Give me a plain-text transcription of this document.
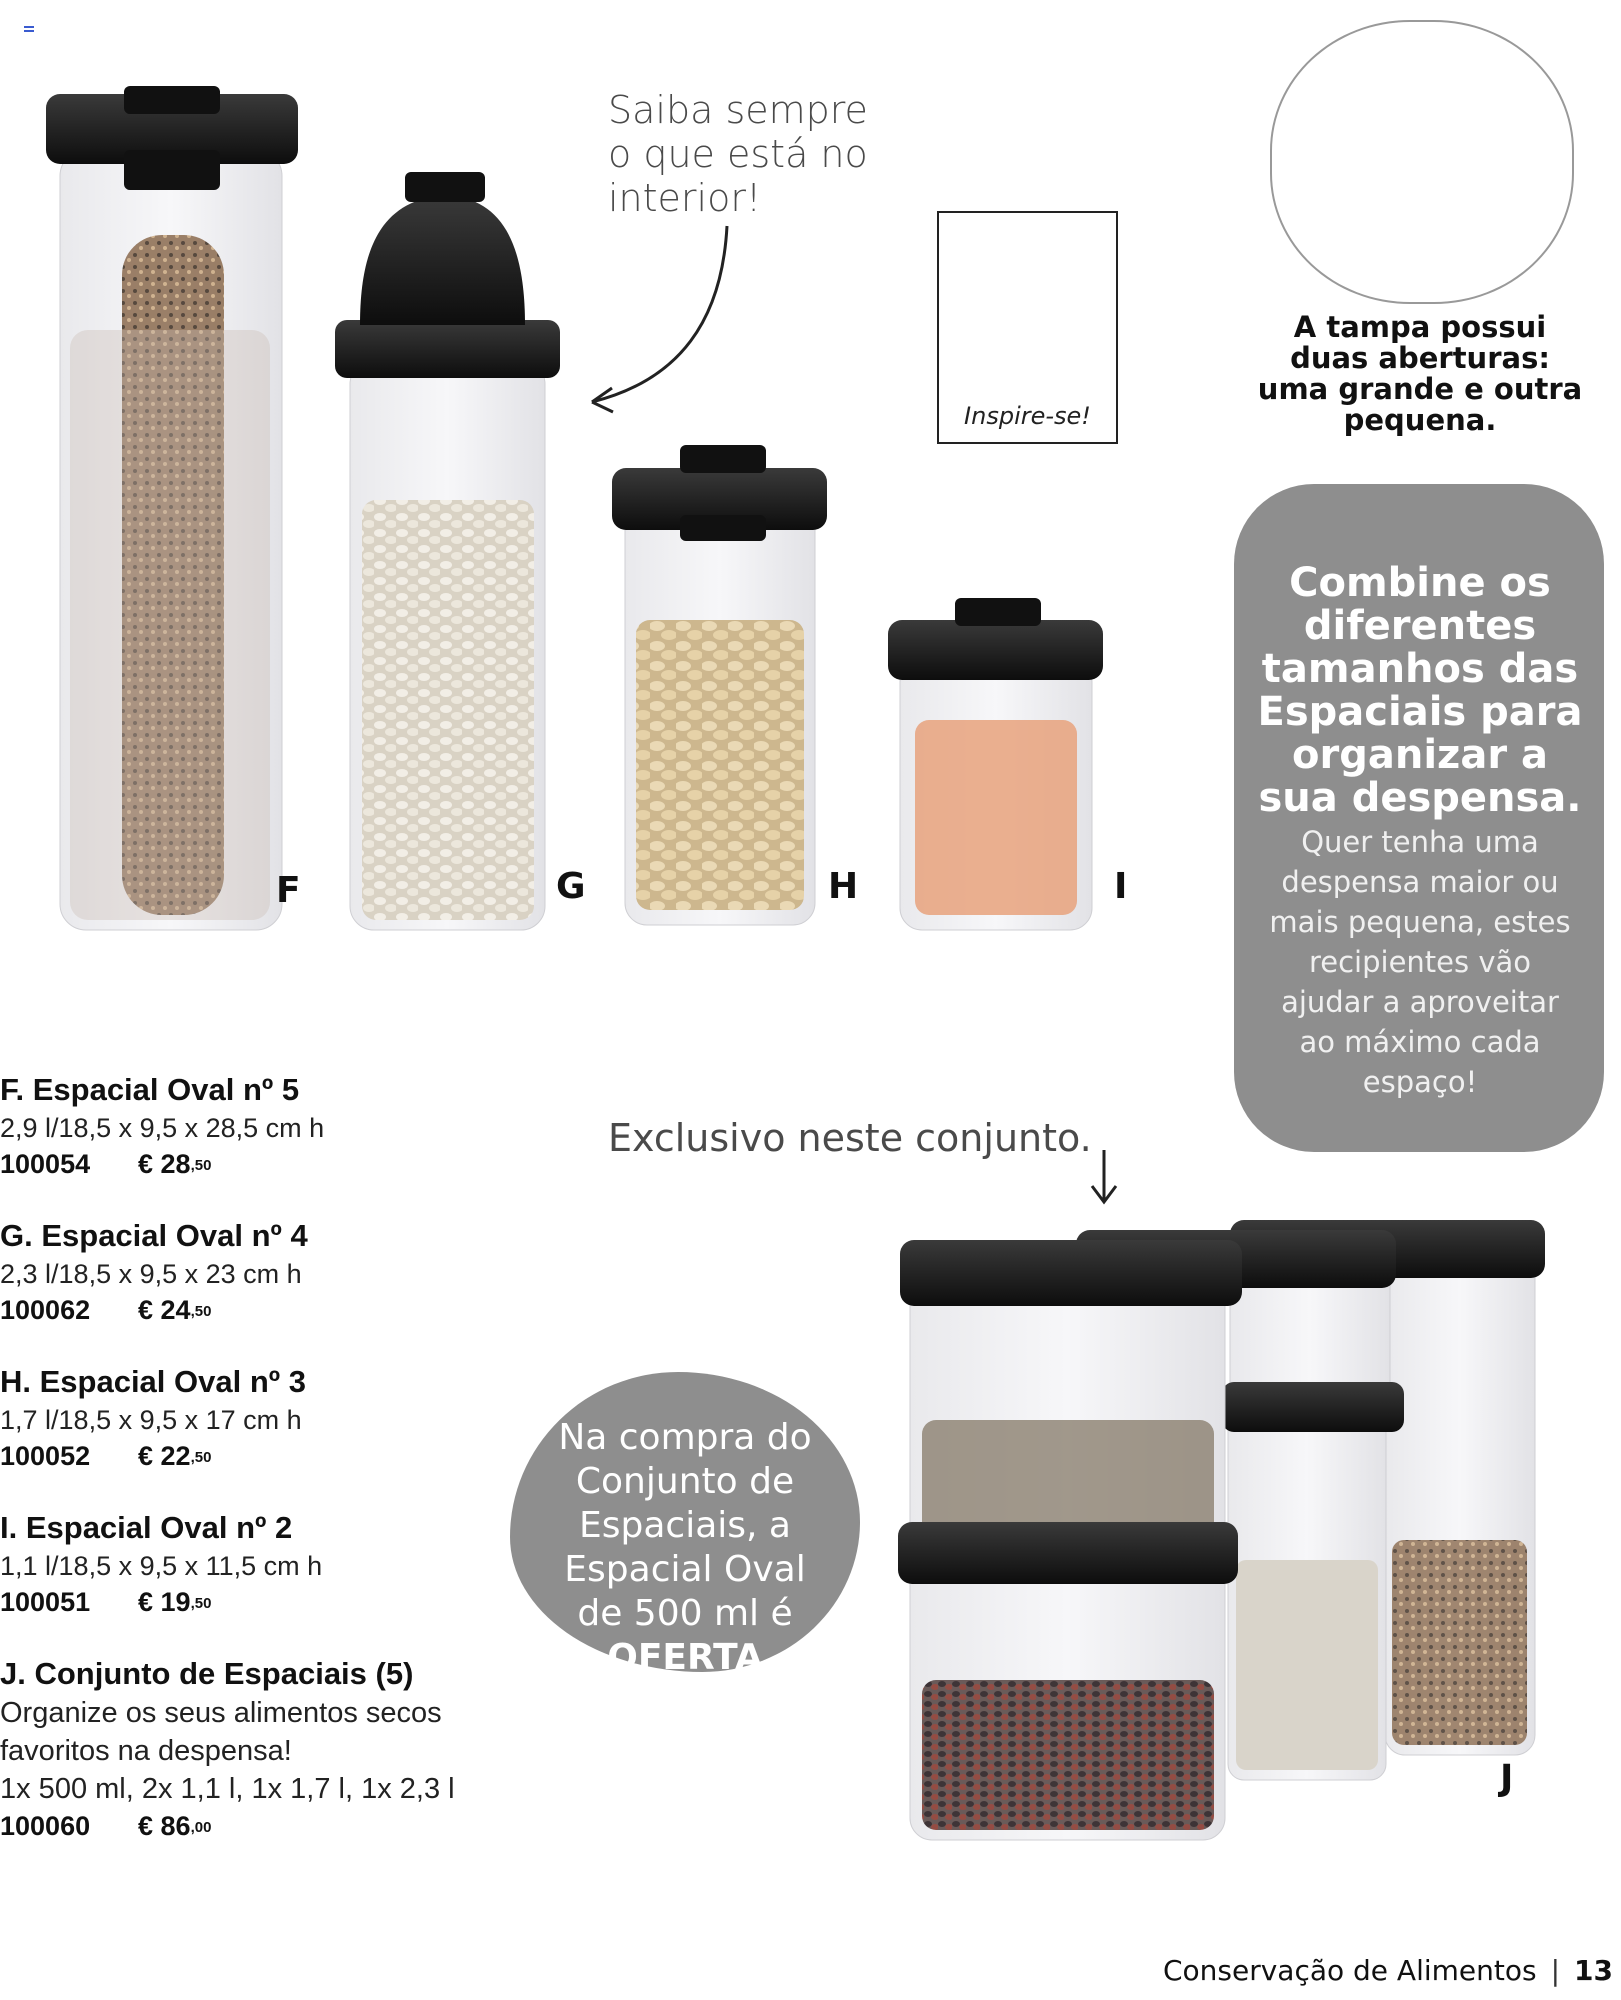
F	G	H	I
J
Saiba sempre
o que está no
interior!
Inspire-se!
A tampa possui
duas aberturas:
uma grande e outra
pequena.
Combine os
diferentes
tamanhos das
Espaciais para
organizar a
sua despensa.
Quer tenha uma
despensa maior ou
mais pequena, estes
recipientes vão
ajudar a aproveitar
ao máximo cada
espaço!
Exclusivo neste conjunto.
Na compra do
Conjunto de
Espaciais, a
Espacial Oval
de 500 ml é
OFERTA
F. Espacial Oval nº 5
2,9 l/18,5 x 9,5 x 28,5 cm h
100054 € $28^{,50}$
G. Espacial Oval nº 4
2,3 l/18,5 x 9,5 x 23 cm h
100062 € $24^{,50}$
H. Espacial Oval nº 3
1,7 l/18,5 x 9,5 x 17 cm h
100052 € $22^{,50}$
I. Espacial Oval nº 2
1,1 l/18,5 x 9,5 x 11,5 cm h
100051 € $19^{,50}$
J. Conjunto de Espaciais (5)
Organize os seus alimentos secos
favoritos na despensa!
1x 500 ml, 2x 1,1 l, 1x 1,7 l, 1x 2,3 l
100060 € $86^{,00}$
Conservação de Alimentos | 13
